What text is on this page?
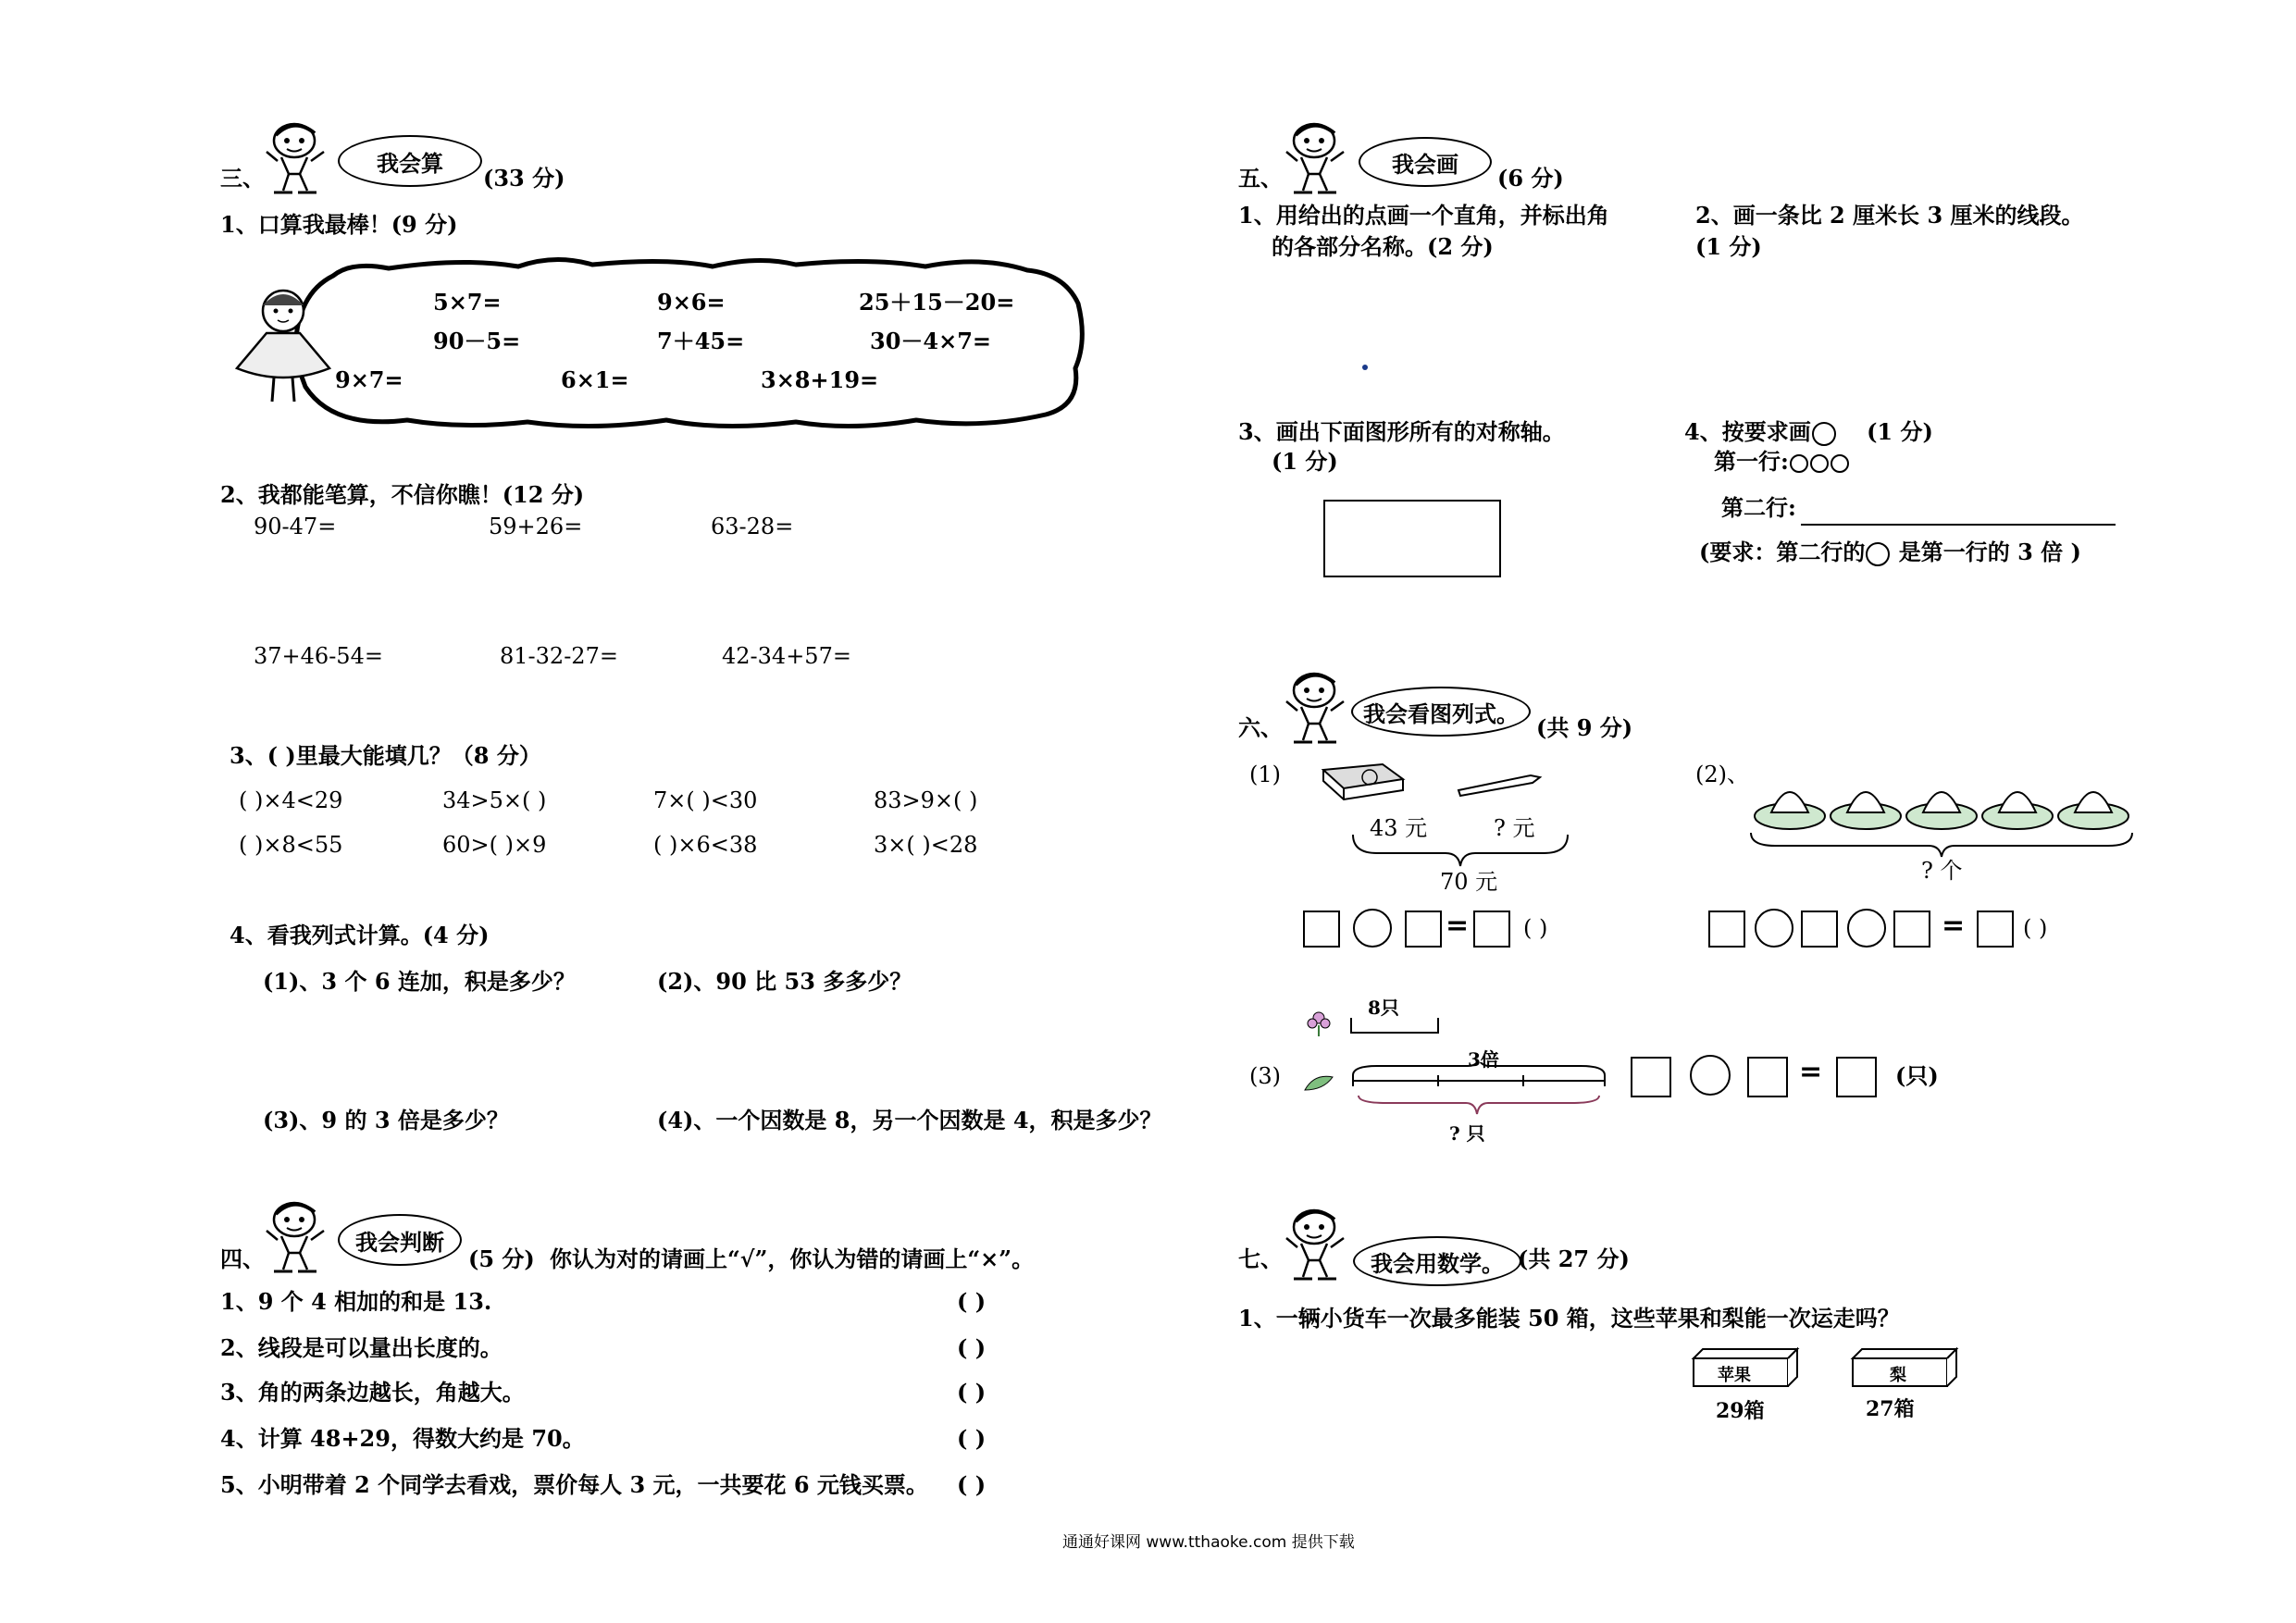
三、
我会算
(33 分)
1、口算我最棒！(9 分)
5×7=	9×6=	25＋15－20=
90－5=	7＋45=	30－4×7=
9×7=	6×1=	3×8+19=
2、我都能笔算，不信你瞧！(12 分)
90-47=	59+26=	63-28=
37+46-54=	81-32-27=	42-34+57=
3、( )里最大能填几？（8 分）
( )×4<29	34>5×( )	7×( )<30	83>9×( )
( )×8<55	60>( )×9	( )×6<38	3×( )<28
4、看我列式计算。(4 分)
(1)、3 个 6 连加，积是多少？	(2)、90 比 53 多多少？
(3)、9 的 3 倍是多少？	(4)、一个因数是 8，另一个因数是 4，积是多少？
四、
我会判断
(5 分) 你认为对的请画上“√”，你认为错的请画上“×”。
1、9 个 4 相加的和是 13.	( )
2、线段是可以量出长度的。	( )
3、角的两条边越长，角越大。	( )
4、计算 48+29，得数大约是 70。	( )
5、小明带着 2 个同学去看戏，票价每人 3 元，一共要花 6 元钱买票。 ( )
五、
我会画
(6 分)
1、用给出的点画一个直角，并标出角
的各部分名称。(2 分)
2、画一条比 2 厘米长 3 厘米的线段。
(1 分)
3、画出下面图形所有的对称轴。
(1 分)
4、按要求画	(1 分)
第一行:
第二行:
(要求：第二行的 是第一行的 3 倍 )
六、
我会看图列式。
(共 9 分)
(1)
43 元	? 元
70 元
= ( )
(2)、
? 个
=	( )
8只
(3)
3倍
? 只
=	(只)
七、	我会用数学。 (共 27 分)
1、一辆小货车一次最多能装 50 箱，这些苹果和梨能一次运走吗？
苹果
29箱
梨
27箱
通通好课网 www.tthaoke.com 提供下载
